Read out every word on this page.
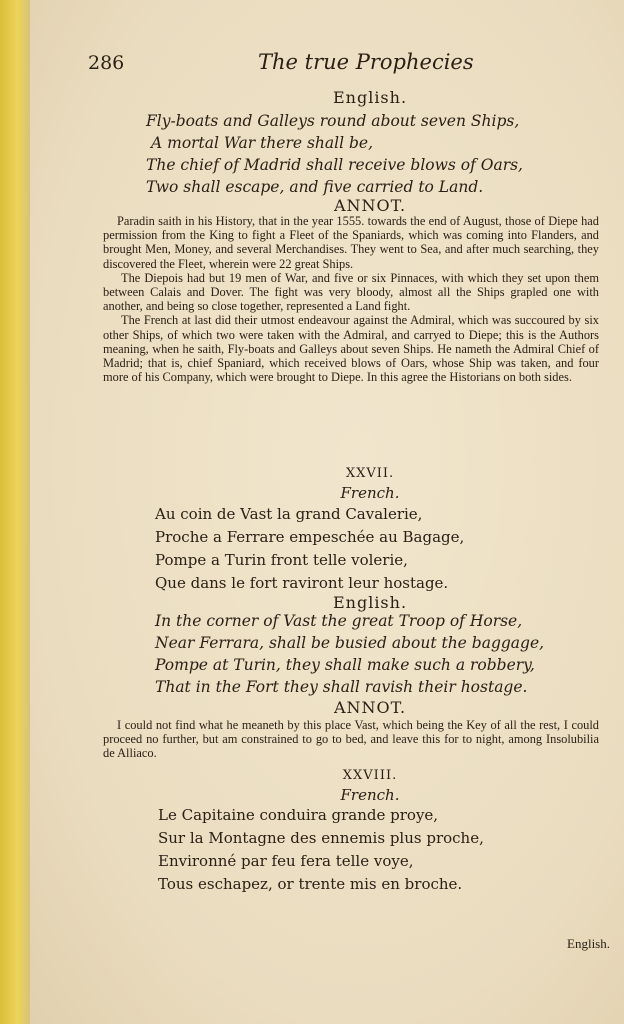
286	The true Prophecies
English.
Fly-boats and Galleys round about seven Ships,
A mortal War there shall be,
The chief of Madrid shall receive blows of Oars,
Two shall escape, and five carried to Land.
ANNOT.

Paradin saith in his History, that in the year 1555. towards the end of August, those of Diepe had permission from the King to fight a Fleet of the Spaniards, which was coming into Flanders, and brought Men, Money, and several Merchandises. They went to Sea, and after much searching, they discovered the Fleet, wherein were 22 great Ships.

The Diepois had but 19 men of War, and five or six Pinnaces, with which they set upon them between Calais and Dover. The fight was very bloody, almost all the Ships grapled one with another, and being so close together, represented a Land fight.

The French at last did their utmost endeavour against the Admiral, which was succoured by six other Ships, of which two were taken with the Admiral, and carryed to Diepe; this is the Authors meaning, when he saith, Fly-boats and Galleys about seven Ships. He nameth the Admiral Chief of Madrid; that is, chief Spaniard, which received blows of Oars, whose Ship was taken, and four more of his Company, which were brought to Diepe. In this agree the Historians on both sides.

XXVII.
French.
Au coin de Vast la grand Cavalerie,
Proche a Ferrare empeschée au Bagage,
Pompe a Turin front telle volerie,
Que dans le fort raviront leur hostage.
English.
In the corner of Vast the great Troop of Horse,
Near Ferrara, shall be busied about the baggage,
Pompe at Turin, they shall make such a robbery,
That in the Fort they shall ravish their hostage.
ANNOT.

I could not find what he meaneth by this place Vast, which being the Key of all the rest, I could proceed no further, but am constrained to go to bed, and leave this for to night, among Insolubilia de Alliaco.

XXVIII.
French.
Le Capitaine conduira grande proye,
Sur la Montagne des ennemis plus proche,
Environné par feu fera telle voye,
Tous eschapez, or trente mis en broche.
English.
